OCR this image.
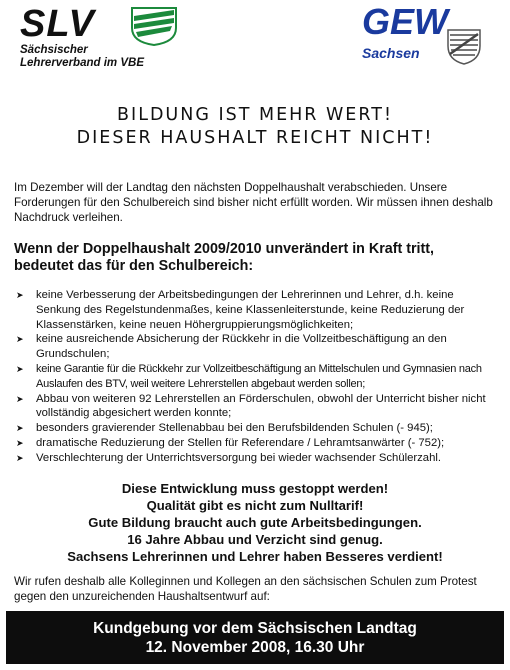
SLV
Sächsischer
Lehrerverband im VBE
GEW
Sachsen
BILDUNG IST MEHR WERT!
DIESER HAUSHALT REICHT NICHT!
Im Dezember will der Landtag den nächsten Doppelhaushalt verabschieden. Unsere Forderungen für den Schulbereich sind bisher nicht erfüllt worden. Wir müssen ihnen deshalb Nachdruck verleihen.
Wenn der Doppelhaushalt 2009/2010 unverändert in Kraft tritt, bedeutet das für den Schulbereich:
➤ keine Verbesserung der Arbeitsbedingungen der Lehrerinnen und Lehrer, d.h. keine Senkung des Regelstundenmaßes, keine Klassenleiterstunde, keine Reduzierung der Klassenstärken, keine neuen Höhergruppierungsmöglichkeiten;
➤ keine ausreichende Absicherung der Rückkehr in die Vollzeitbeschäftigung an den Grundschulen;
➤ keine Garantie für die Rückkehr zur Vollzeitbeschäftigung an Mittelschulen und Gymnasien nach Auslaufen des BTV, weil weitere Lehrerstellen abgebaut werden sollen;
➤ Abbau von weiteren 92 Lehrerstellen an Förderschulen, obwohl der Unterricht bisher nicht vollständig abgesichert werden konnte;
➤ besonders gravierender Stellenabbau bei den Berufsbildenden Schulen (- 945);
➤ dramatische Reduzierung der Stellen für Referendare / Lehramtsanwärter (- 752);
➤ Verschlechterung der Unterrichtsversorgung bei wieder wachsender Schülerzahl.
Diese Entwicklung muss gestoppt werden!
Qualität gibt es nicht zum Nulltarif!
Gute Bildung braucht auch gute Arbeitsbedingungen.
16 Jahre Abbau und Verzicht sind genug.
Sachsens Lehrerinnen und Lehrer haben Besseres verdient!
Wir rufen deshalb alle Kolleginnen und Kollegen an den sächsischen Schulen zum Protest gegen den unzureichenden Haushaltsentwurf auf:
Kundgebung vor dem Sächsischen Landtag
12. November 2008, 16.30 Uhr
